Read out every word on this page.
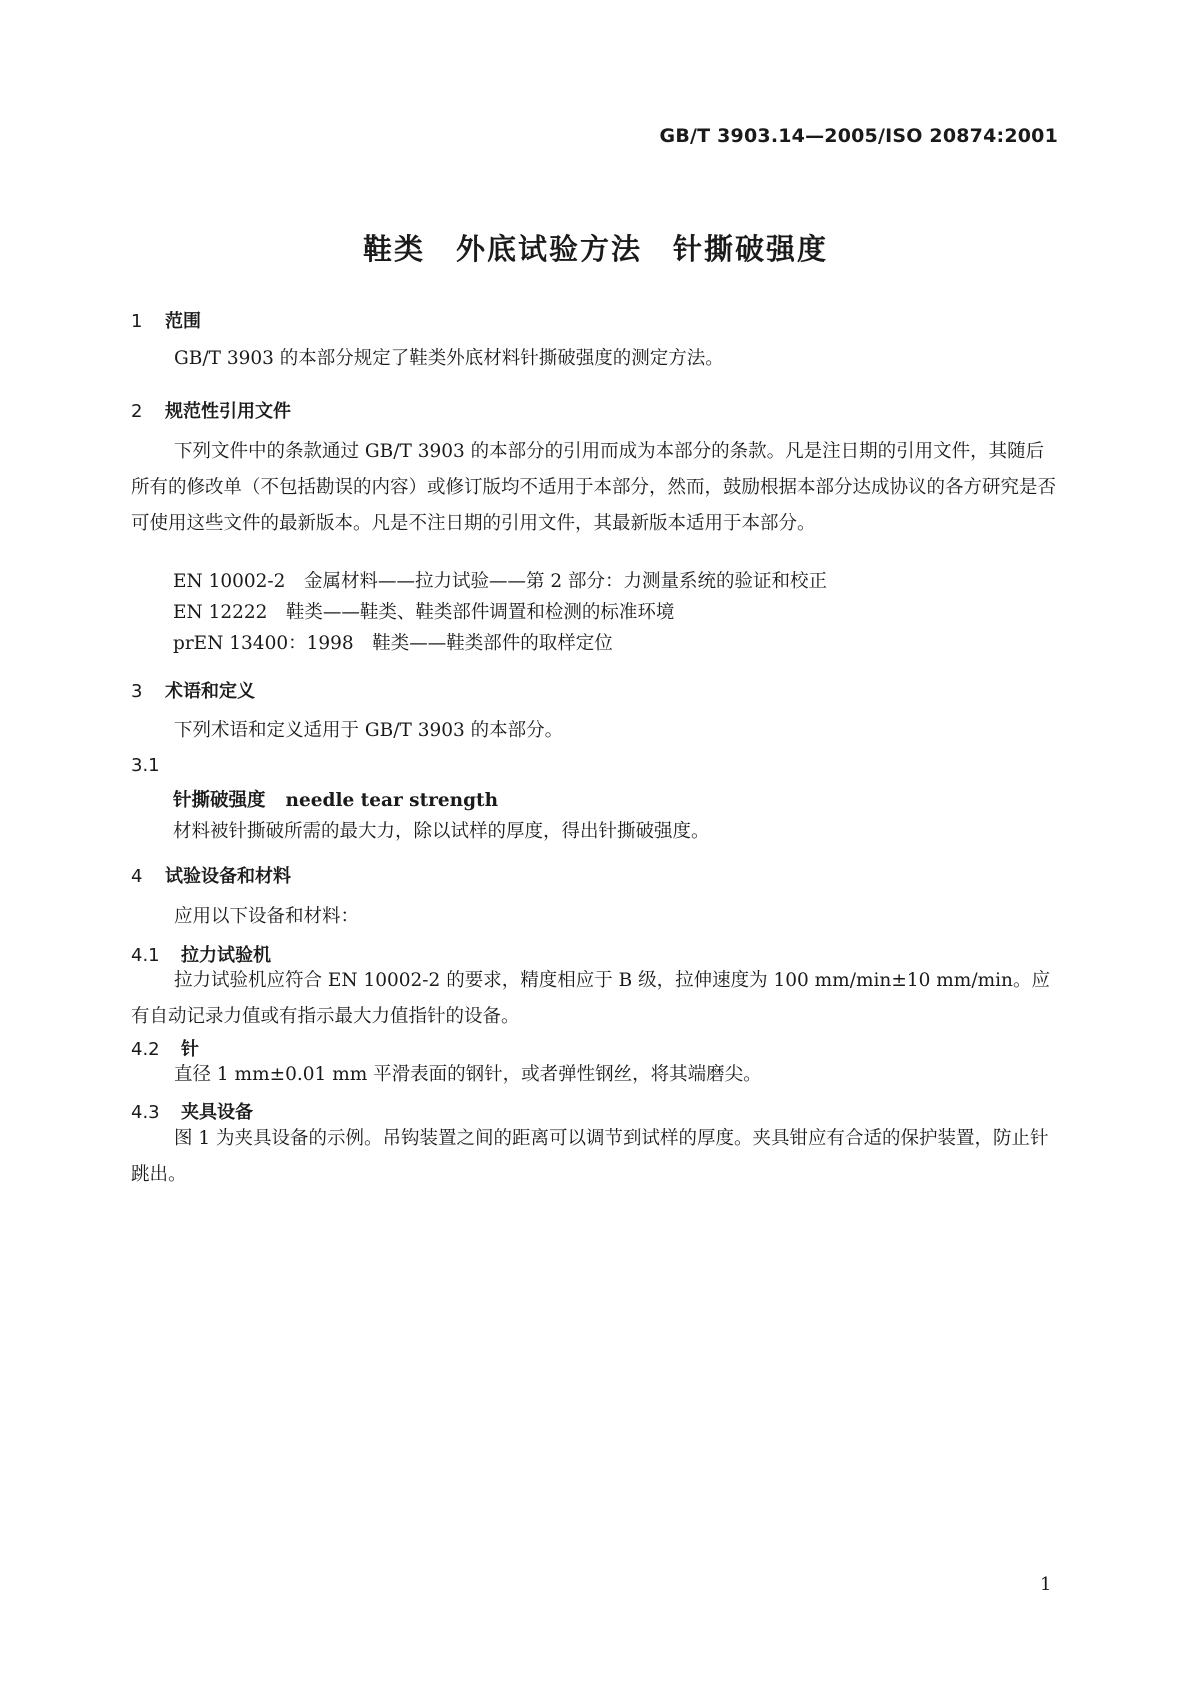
GB/T 3903.14—2005/ISO 20874:2001
鞋类　外底试验方法　针撕破强度
1 范围
GB/T 3903 的本部分规定了鞋类外底材料针撕破强度的测定方法。
2 规范性引用文件
下列文件中的条款通过 GB/T 3903 的本部分的引用而成为本部分的条款。凡是注日期的引用文件，其随后所有的修改单（不包括勘误的内容）或修订版均不适用于本部分，然而，鼓励根据本部分达成协议的各方研究是否可使用这些文件的最新版本。凡是不注日期的引用文件，其最新版本适用于本部分。
EN 10002-2　金属材料——拉力试验——第 2 部分：力测量系统的验证和校正
EN 12222　鞋类——鞋类、鞋类部件调置和检测的标准环境
prEN 13400：1998　鞋类——鞋类部件的取样定位
3 术语和定义
下列术语和定义适用于 GB/T 3903 的本部分。
3.1
针撕破强度 needle tear strength
材料被针撕破所需的最大力，除以试样的厚度，得出针撕破强度。
4 试验设备和材料
应用以下设备和材料：
4.1 拉力试验机
拉力试验机应符合 EN 10002-2 的要求，精度相应于 B 级，拉伸速度为 100 mm/min±10 mm/min。应有自动记录力值或有指示最大力值指针的设备。
4.2 针
直径 1 mm±0.01 mm 平滑表面的钢针，或者弹性钢丝，将其端磨尖。
4.3 夹具设备
图 1 为夹具设备的示例。吊钩装置之间的距离可以调节到试样的厚度。夹具钳应有合适的保护装置，防止针跳出。
1
